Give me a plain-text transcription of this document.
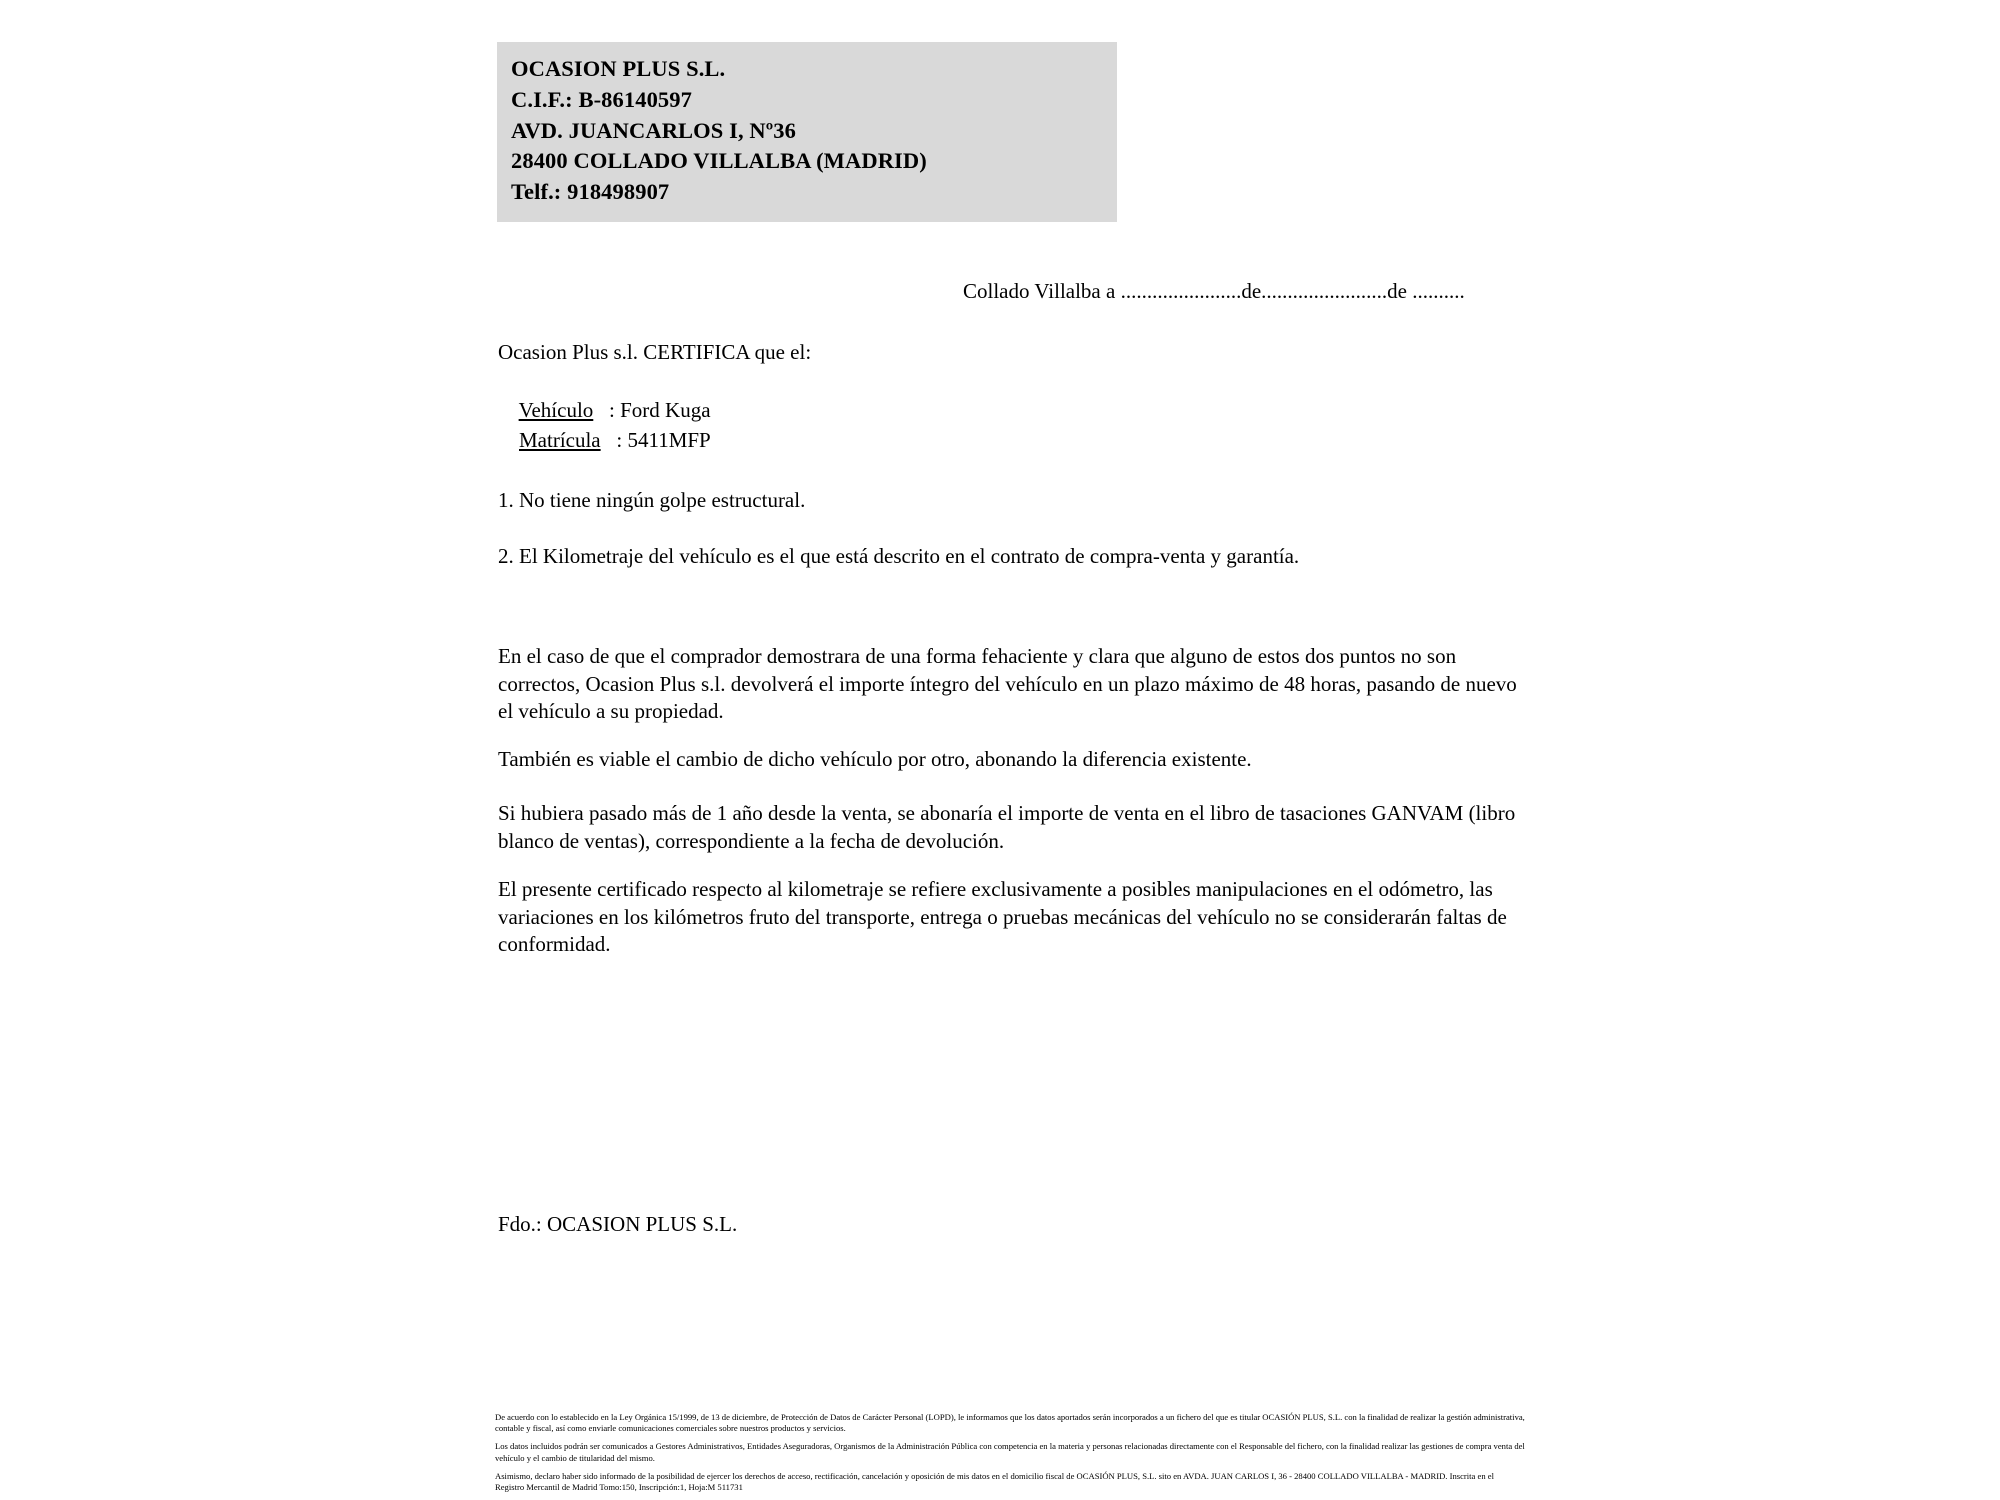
OCASION PLUS S.L.
C.I.F.: B-86140597
AVD. JUANCARLOS I, Nº36
28400 COLLADO VILLALBA (MADRID)
Telf.: 918498907
Collado Villalba a .......................de........................de ..........
Ocasion Plus s.l. CERTIFICA que el:

Vehículo   : Ford Kuga

Matrícula   : 5411MFP

1. No tiene ningún golpe estructural.
2. El Kilometraje del vehículo es el que está descrito en el contrato de compra-venta y garantía.
En el caso de que el comprador demostrara de una forma fehaciente y clara que alguno de estos dos puntos no son correctos, Ocasion Plus s.l. devolverá el importe íntegro del vehículo en un plazo máximo de 48 horas, pasando de nuevo el vehículo a su propiedad.
También es viable el cambio de dicho vehículo por otro, abonando la diferencia existente.
Si hubiera pasado más de 1 año desde la venta, se abonaría el importe de venta en el libro de tasaciones GANVAM (libro blanco de ventas), correspondiente a la fecha de devolución.
El presente certificado respecto al kilometraje se refiere exclusivamente a posibles manipulaciones en el odómetro, las variaciones en los kilómetros fruto del transporte, entrega o pruebas mecánicas del vehículo no se considerarán faltas de conformidad.
Fdo.: OCASION PLUS S.L.

De acuerdo con lo establecido en la Ley Orgánica 15/1999, de 13 de diciembre, de Protección de Datos de Carácter Personal (LOPD), le informamos que los datos aportados serán incorporados a un fichero del que es titular OCASIÓN PLUS, S.L. con la finalidad de realizar la gestión administrativa, contable y fiscal, así como enviarle comunicaciones comerciales sobre nuestros productos y servicios.

Los datos incluidos podrán ser comunicados a Gestores Administrativos, Entidades Aseguradoras, Organismos de la Administración Pública con competencia en la materia y personas relacionadas directamente con el Responsable del fichero, con la finalidad realizar las gestiones de compra venta del vehículo y el cambio de titularidad del mismo.

Asimismo, declaro haber sido informado de la posibilidad de ejercer los derechos de acceso, rectificación, cancelación y oposición de mis datos en el domicilio fiscal de OCASIÓN PLUS, S.L. sito en AVDA. JUAN CARLOS I, 36 - 28400 COLLADO VILLALBA - MADRID. Inscrita en el Registro Mercantil de Madrid Tomo:150, Inscripción:1, Hoja:M 511731
